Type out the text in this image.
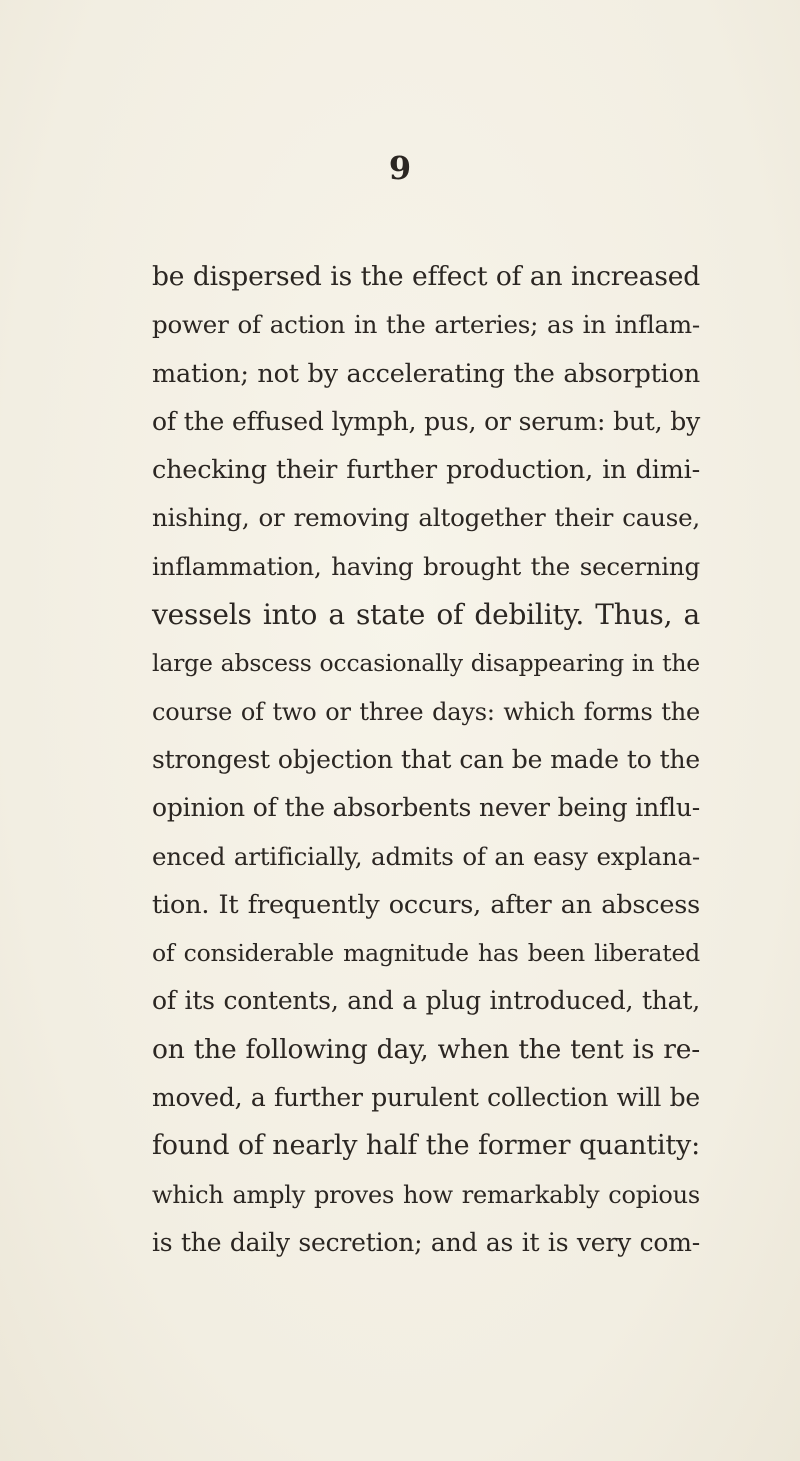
9
be dispersed is the effect of an increased
power of action in the arteries; as in inflam-
mation; not by accelerating the absorption
of the effused lymph, pus, or serum: but, by
checking their further production, in dimi-
nishing, or removing altogether their cause,
inflammation, having brought the secerning
vessels into a state of debility. Thus, a
large abscess occasionally disappearing in the
course of two or three days: which forms the
strongest objection that can be made to the
opinion of the absorbents never being influ-
enced artificially, admits of an easy explana-
tion. It frequently occurs, after an abscess
of considerable magnitude has been liberated
of its contents, and a plug introduced, that,
on the following day, when the tent is re-
moved, a further purulent collection will be
found of nearly half the former quantity:
which amply proves how remarkably copious
is the daily secretion; and as it is very com-
